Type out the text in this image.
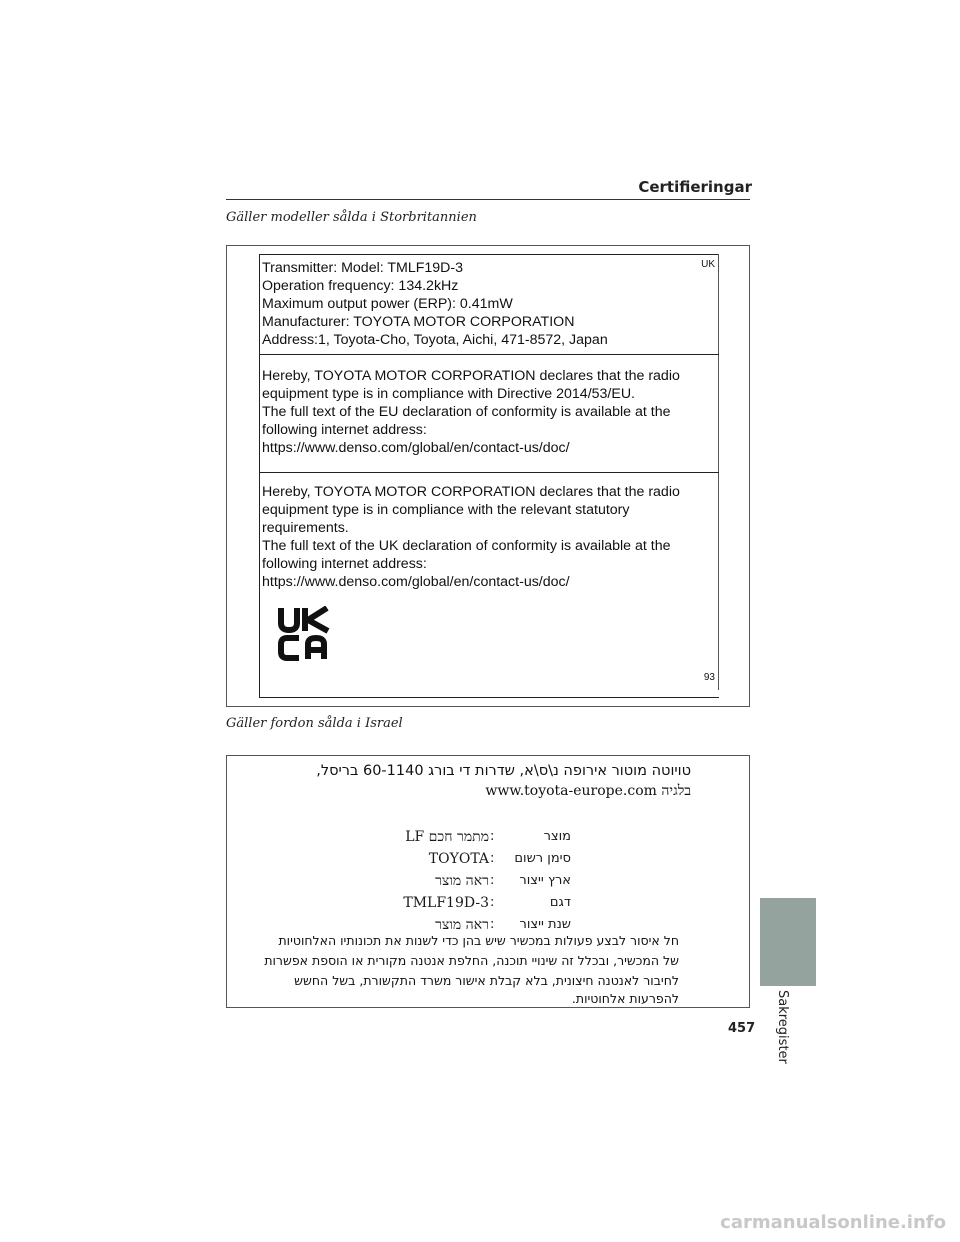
Certifieringar
Gäller modeller sålda i Storbritannien
UK
Transmitter: Model: TMLF19D-3
Operation frequency: 134.2kHz
Maximum output power (ERP): 0.41mW
Manufacturer: TOYOTA MOTOR CORPORATION
Address:1, Toyota-Cho, Toyota, Aichi, 471-8572, Japan
Hereby, TOYOTA MOTOR CORPORATION declares that the radio
equipment type is in compliance with Directive 2014/53/EU.
The full text of the EU declaration of conformity is available at the
following internet address:
https://www.denso.com/global/en/contact-us/doc/
Hereby, TOYOTA MOTOR CORPORATION declares that the radio
equipment type is in compliance with the relevant statutory
requirements.
The full text of the UK declaration of conformity is available at the
following internet address:
https://www.denso.com/global/en/contact-us/doc/
93
Gäller fordon sålda i Israel
טויוטה מוטור אירופה נ\ס\א, שדרות די בורג 60-1140 בריסל,
בלגיה www.toyota-europe.com
מוצר
:
מתמר חכם LF
סימן רשום
:
TOYOTA
ארץ ייצור
:
ראה מוצר
דגם
:
TMLF19D-3
שנת ייצור
:
ראה מוצר
חל איסור לבצע פעולות במכשיר שיש בהן כדי לשנות את תכונותיו האלחוטיות
של המכשיר, ובכלל זה שינויי תוכנה, החלפת אנטנה מקורית או הוספת אפשרות
לחיבור לאנטנה חיצונית, בלא קבלת אישור משרד התקשורת, בשל החשש
להפרעות אלחוטיות.	Sakregister
457
carmanualsonline.info
